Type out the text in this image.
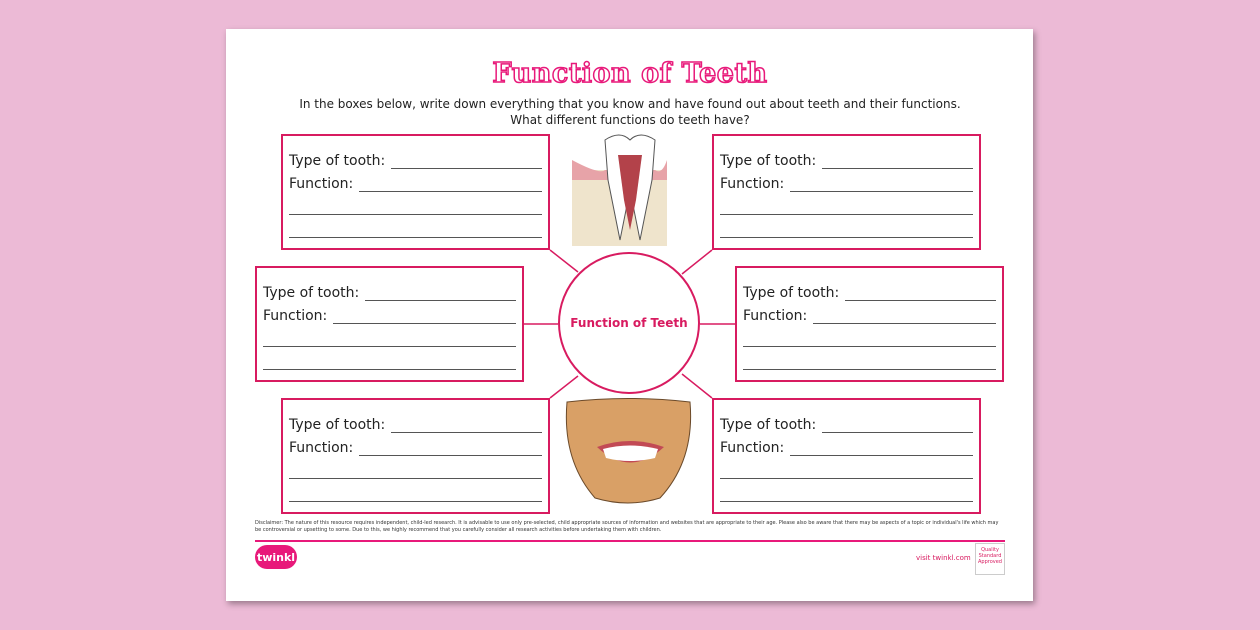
Function of Teeth
In the boxes below, write down everything that you know and have found out about teeth and their functions.
What different functions do teeth have?
Function of Teeth
Type of tooth:
Function:
Type of tooth:
Function:
Type of tooth:
Function:
Type of tooth:
Function:
Type of tooth:
Function:
Type of tooth:
Function:
Disclaimer: The nature of this resource requires independent, child-led research. It is advisable to use only pre-selected, child appropriate sources of information and websites that are appropriate to their age. Please also be aware that there may be aspects of a topic or individual's life which may be controversial or upsetting to some. Due to this, we highly recommend that you carefully consider all research activities before undertaking them with children.
twinkl	visit twinkl.com
Quality Standard Approved
